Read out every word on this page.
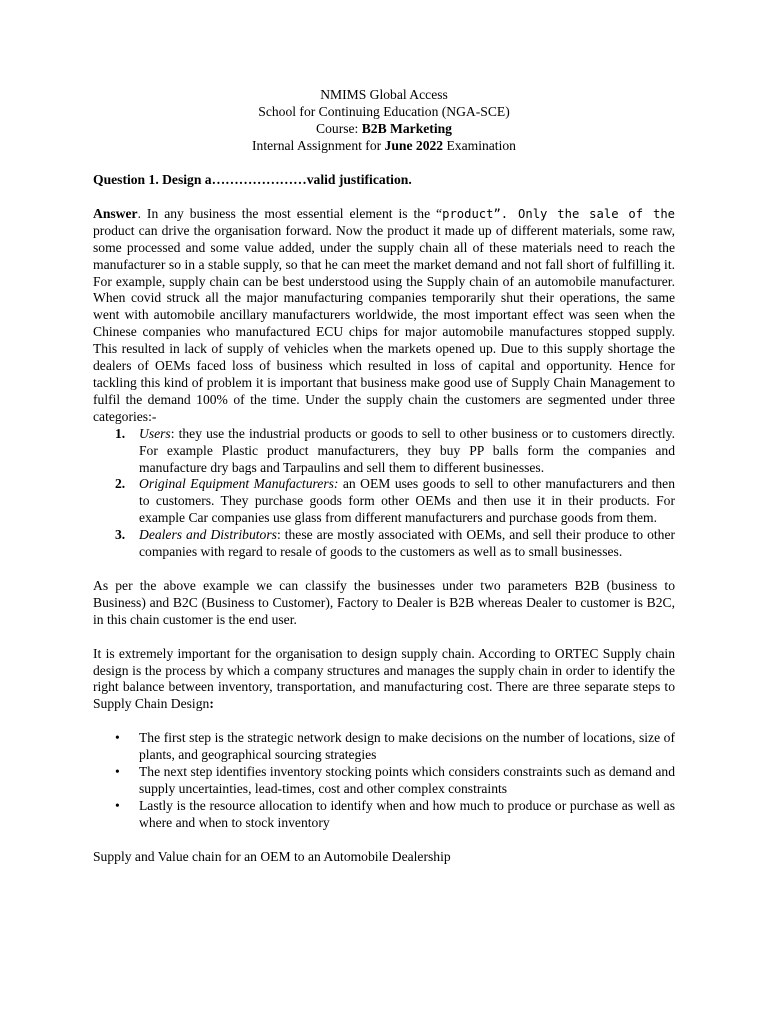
NMIMS Global Access
School for Continuing Education (NGA-SCE)
Course: B2B Marketing
Internal Assignment for June 2022 Examination

Question 1. Design a…………………valid justification.

Answer. In any business the most essential element is the “product”. Only the sale of the product can drive the organisation forward. Now the product it made up of different materials, some raw, some processed and some value added, under the supply chain all of these materials need to reach the manufacturer so in a stable supply, so that he can meet the market demand and not fall short of fulfilling it. For example, supply chain can be best understood using the Supply chain of an automobile manufacturer. When covid struck all the major manufacturing companies temporarily shut their operations, the same went with automobile ancillary manufacturers worldwide, the most important effect was seen when the Chinese companies who manufactured ECU chips for major automobile manufactures stopped supply. This resulted in lack of supply of vehicles when the markets opened up. Due to this supply shortage the dealers of OEMs faced loss of business which resulted in loss of capital and opportunity. Hence for tackling this kind of problem it is important that business make good use of Supply Chain Management to fulfil the demand 100% of the time. Under the supply chain the customers are segmented under three categories:-

1. Users: they use the industrial products or goods to sell to other business or to customers directly. For example Plastic product manufacturers, they buy PP balls form the companies and manufacture dry bags and Tarpaulins and sell them to different businesses.
2. Original Equipment Manufacturers: an OEM uses goods to sell to other manufacturers and then to customers. They purchase goods form other OEMs and then use it in their products. For example Car companies use glass from different manufacturers and purchase goods from them.
3. Dealers and Distributors: these are mostly associated with OEMs, and sell their produce to other companies with regard to resale of goods to the customers as well as to small businesses.

As per the above example we can classify the businesses under two parameters B2B (business to Business) and B2C (Business to Customer), Factory to Dealer is B2B whereas Dealer to customer is B2C, in this chain customer is the end user.

It is extremely important for the organisation to design supply chain. According to ORTEC Supply chain design is the process by which a company structures and manages the supply chain in order to identify the right balance between inventory, transportation, and manufacturing cost. There are three separate steps to Supply Chain Design:

• The first step is the strategic network design to make decisions on the number of locations, size of plants, and geographical sourcing strategies
• The next step identifies inventory stocking points which considers constraints such as demand and supply uncertainties, lead-times, cost and other complex constraints
• Lastly is the resource allocation to identify when and how much to produce or purchase as well as where and when to stock inventory

Supply and Value chain for an OEM to an Automobile Dealership
